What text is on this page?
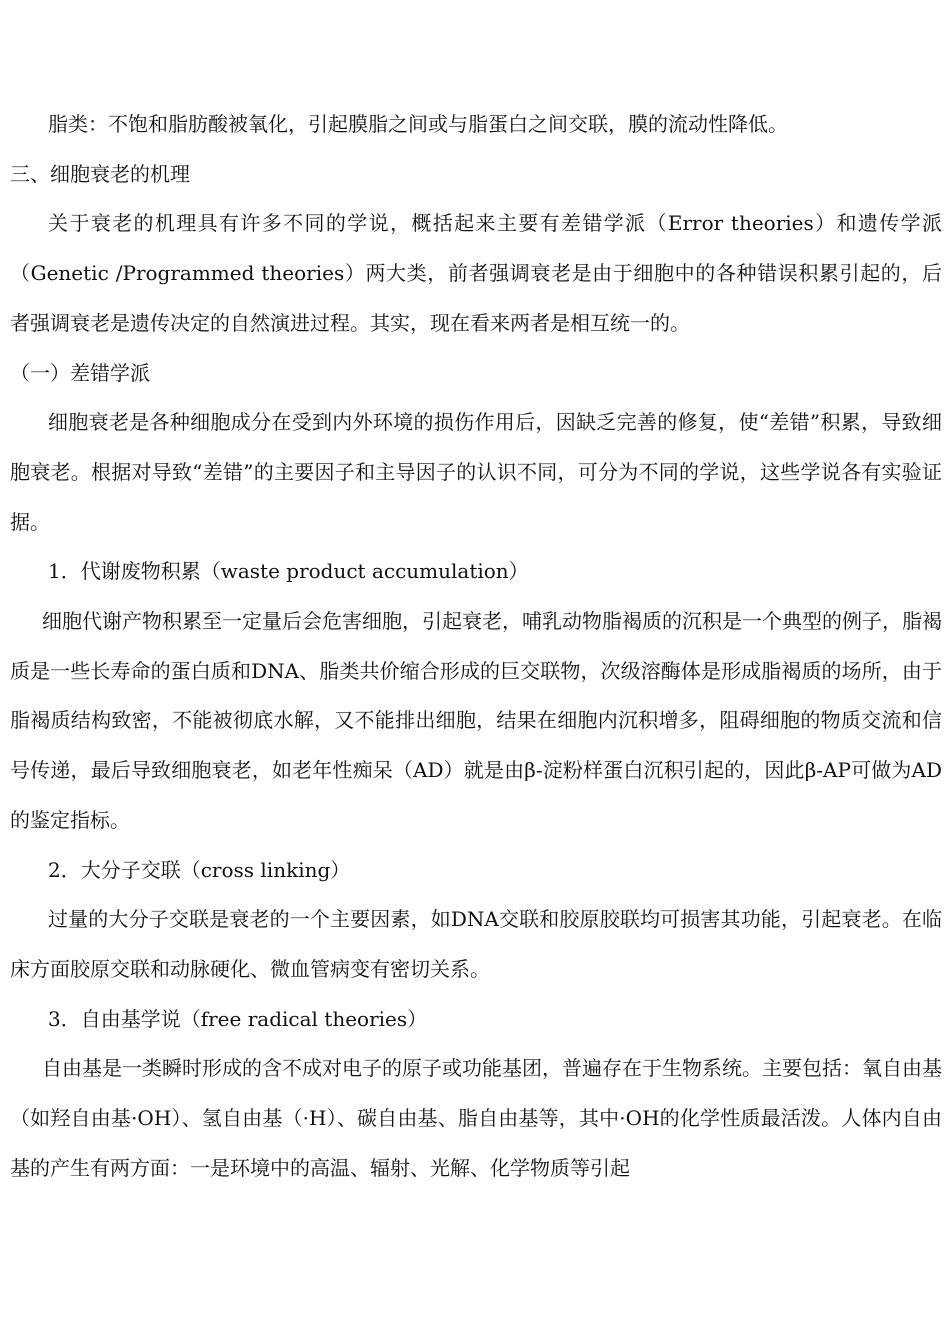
脂类：不饱和脂肪酸被氧化，引起膜脂之间或与脂蛋白之间交联，膜的流动性降低。

三、细胞衰老的机理

关于衰老的机理具有许多不同的学说，概括起来主要有差错学派（Error theories）和遗传学派（Genetic /Programmed theories）两大类，前者强调衰老是由于细胞中的各种错误积累引起的，后者强调衰老是遗传决定的自然演进过程。其实，现在看来两者是相互统一的。

（一）差错学派

细胞衰老是各种细胞成分在受到内外环境的损伤作用后，因缺乏完善的修复，使“差错”积累，导致细胞衰老。根据对导致“差错”的主要因子和主导因子的认识不同，可分为不同的学说，这些学说各有实验证据。

1．代谢废物积累（waste product accumulation）

细胞代谢产物积累至一定量后会危害细胞，引起衰老，哺乳动物脂褐质的沉积是一个典型的例子，脂褐质是一些长寿命的蛋白质和DNA、脂类共价缩合形成的巨交联物，次级溶酶体是形成脂褐质的场所，由于脂褐质结构致密，不能被彻底水解，又不能排出细胞，结果在细胞内沉积增多，阻碍细胞的物质交流和信号传递，最后导致细胞衰老，如老年性痴呆（AD）就是由β-淀粉样蛋白沉积引起的，因此β-AP可做为AD的鉴定指标。

2．大分子交联（cross linking）

过量的大分子交联是衰老的一个主要因素，如DNA交联和胶原胶联均可损害其功能，引起衰老。在临床方面胶原交联和动脉硬化、微血管病变有密切关系。

3．自由基学说（free radical theories）

自由基是一类瞬时形成的含不成对电子的原子或功能基团，普遍存在于生物系统。主要包括：氧自由基（如羟自由基·OH）、氢自由基（·H）、碳自由基、脂自由基等，其中·OH的化学性质最活泼。人体内自由基的产生有两方面：一是环境中的高温、辐射、光解、化学物质等引起
